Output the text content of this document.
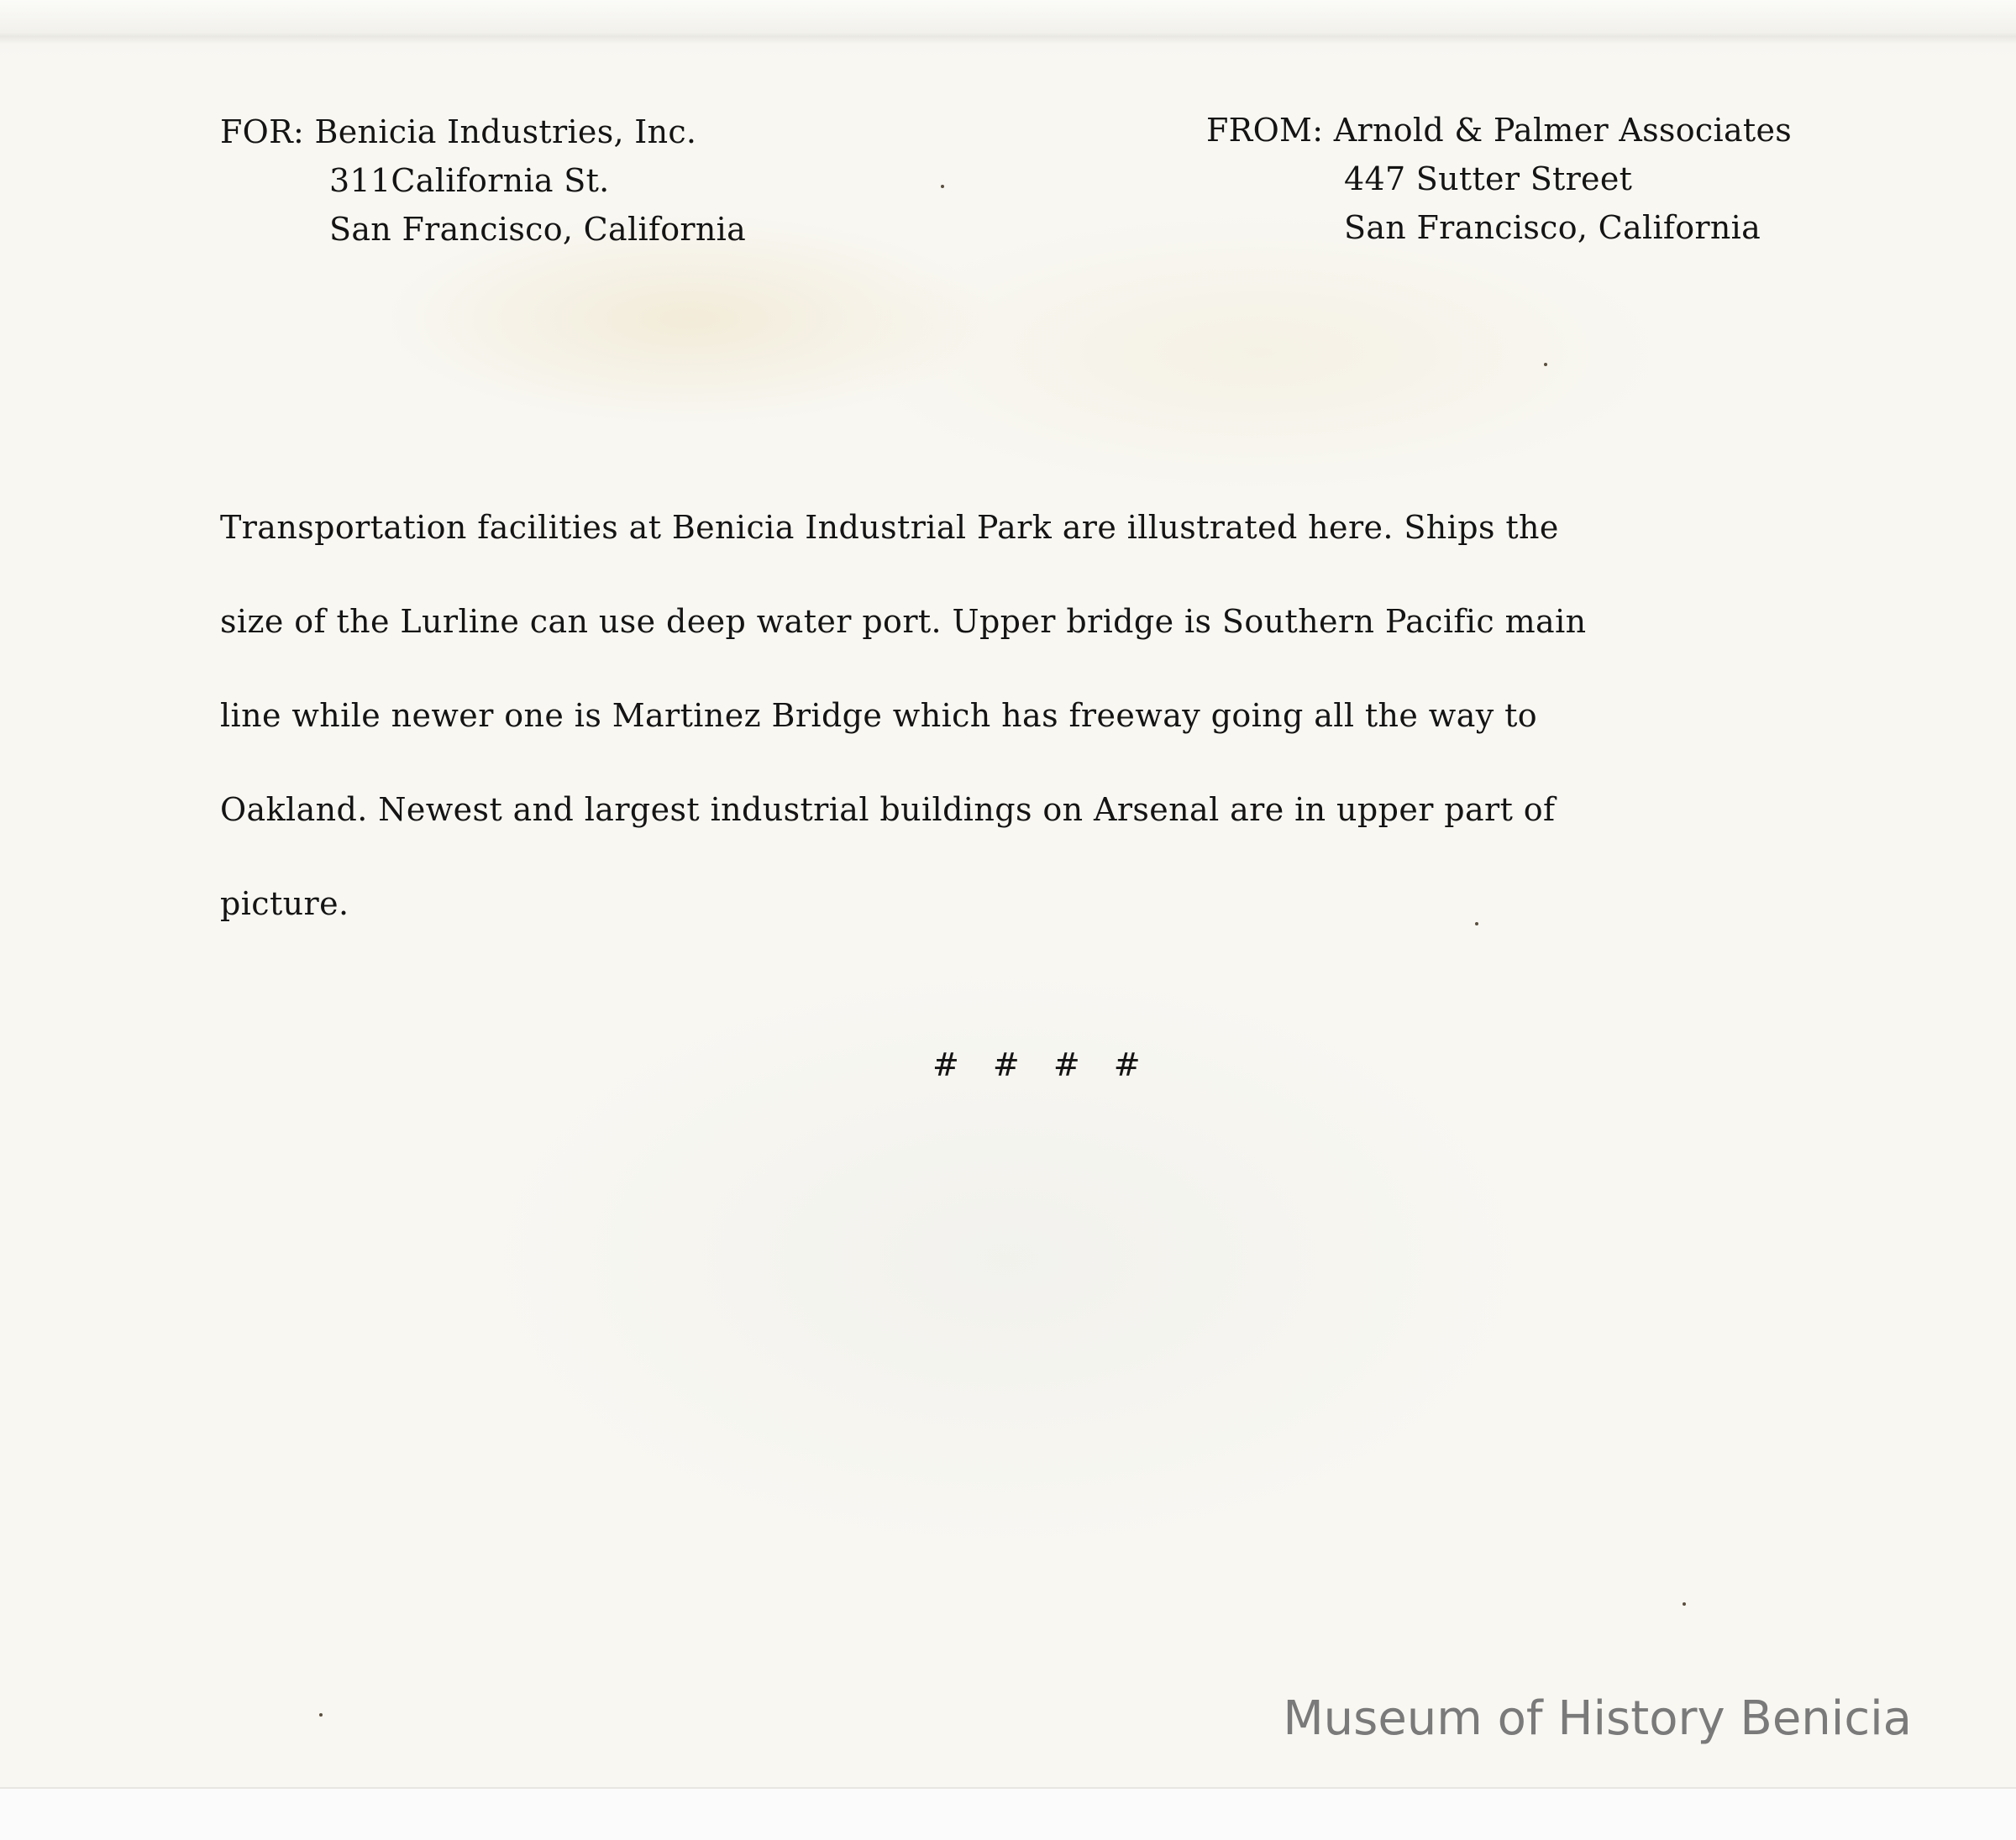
FOR: Benicia Industries, Inc.
311California St.
San Francisco, California
FROM: Arnold & Palmer Associates
447 Sutter Street
San Francisco, California
Transportation facilities at Benicia Industrial Park are illustrated here. Ships the
size of the Lurline can use deep water port. Upper bridge is Southern Pacific main
line while newer one is Martinez Bridge which has freeway going all the way to
Oakland. Newest and largest industrial buildings on Arsenal are in upper part of
picture.
# # # #
Museum of History Benicia
